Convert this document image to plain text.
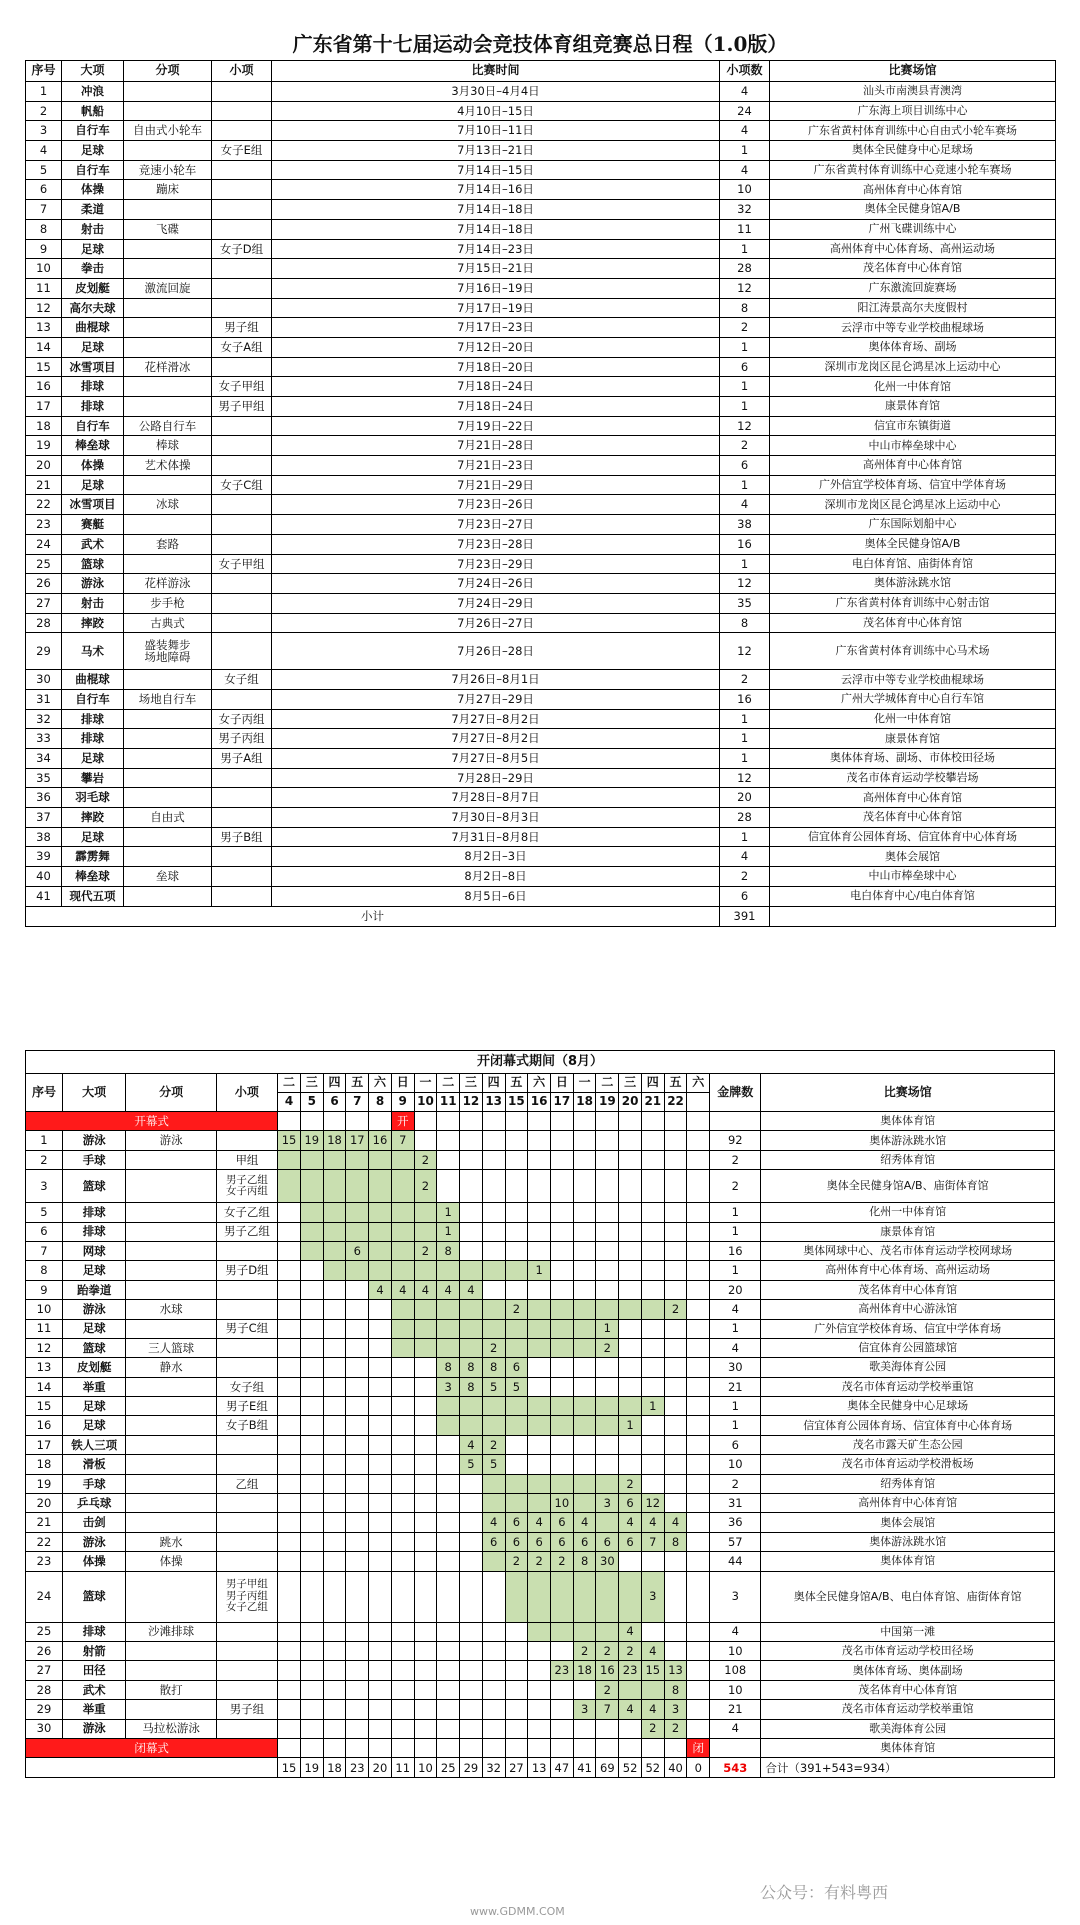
广东省第十七届运动会竞技体育组竞赛总日程（1.0版）
序号	大项	分项	小项	比赛时间	小项数	比赛场馆
1	冲浪			3月30日–4月4日	4	汕头市南澳县青澳湾
2	帆船			4月10日–15日	24	广东海上项目训练中心
3	自行车	自由式小轮车		7月10日–11日	4	广东省黄村体育训练中心自由式小轮车赛场
4	足球		女子E组	7月13日–21日	1	奥体全民健身中心足球场
5	自行车	竞速小轮车		7月14日–15日	4	广东省黄村体育训练中心竞速小轮车赛场
6	体操	蹦床		7月14日–16日	10	高州体育中心体育馆
7	柔道			7月14日–18日	32	奥体全民健身馆A/B
8	射击	飞碟		7月14日–18日	11	广州飞碟训练中心
9	足球		女子D组	7月14日–23日	1	高州体育中心体育场、高州运动场
10	拳击			7月15日–21日	28	茂名体育中心体育馆
11	皮划艇	激流回旋		7月16日–19日	12	广东激流回旋赛场
12	高尔夫球			7月17日–19日	8	阳江涛景高尔夫度假村
13	曲棍球		男子组	7月17日–23日	2	云浮市中等专业学校曲棍球场
14	足球		女子A组	7月12日–20日	1	奥体体育场、副场
15	冰雪项目	花样滑冰		7月18日–20日	6	深圳市龙岗区昆仑鸿星冰上运动中心
16	排球		女子甲组	7月18日–24日	1	化州一中体育馆
17	排球		男子甲组	7月18日–24日	1	康景体育馆
18	自行车	公路自行车		7月19日–22日	12	信宜市东镇街道
19	棒垒球	棒球		7月21日–28日	2	中山市棒垒球中心
20	体操	艺术体操		7月21日–23日	6	高州体育中心体育馆
21	足球		女子C组	7月21日–29日	1	广外信宜学校体育场、信宜中学体育场
22	冰雪项目	冰球		7月23日–26日	4	深圳市龙岗区昆仑鸿星冰上运动中心
23	赛艇			7月23日–27日	38	广东国际划船中心
24	武术	套路		7月23日–28日	16	奥体全民健身馆A/B
25	篮球		女子甲组	7月23日–29日	1	电白体育馆、庙街体育馆
26	游泳	花样游泳		7月24日–26日	12	奥体游泳跳水馆
27	射击	步手枪		7月24日–29日	35	广东省黄村体育训练中心射击馆
28	摔跤	古典式		7月26日–27日	8	茂名体育中心体育馆
29	马术	盛装舞步
场地障碍		7月26日–28日	12	广东省黄村体育训练中心马术场
30	曲棍球		女子组	7月26日–8月1日	2	云浮市中等专业学校曲棍球场
31	自行车	场地自行车		7月27日–29日	16	广州大学城体育中心自行车馆
32	排球		女子丙组	7月27日–8月2日	1	化州一中体育馆
33	排球		男子丙组	7月27日–8月2日	1	康景体育馆
34	足球		男子A组	7月27日–8月5日	1	奥体体育场、副场、市体校田径场
35	攀岩			7月28日–29日	12	茂名市体育运动学校攀岩场
36	羽毛球			7月28日–8月7日	20	高州体育中心体育馆
37	摔跤	自由式		7月30日–8月3日	28	茂名体育中心体育馆
38	足球		男子B组	7月31日–8月8日	1	信宜体育公园体育场、信宜体育中心体育场
39	霹雳舞			8月2日–3日	4	奥体会展馆
40	棒垒球	垒球		8月2日–8日	2	中山市棒垒球中心
41	现代五项			8月5日–6日	6	电白体育中心/电白体育馆
小计					391	
开闭幕式期间（8月）																								
序号	大项	分项	小项	二	三	四	五	六	日	一	二	三	四	五	六	日	一	二	三	四	五	六	金牌数	比赛场馆
				4	5	6	7	8	9	10	11	12	13	15	16	17	18	19	20	21	22			
开幕式									开															奥体体育馆
1	游泳	游泳		15	19	18	17	16	7														92	奥体游泳跳水馆
2	手球		甲组							2													2	绍秀体育馆
3	篮球		男子乙组
女子丙组							2													2	奥体全民健身馆A/B、庙街体育馆
5	排球		女子乙组								1												1	化州一中体育馆
6	排球		男子乙组								1												1	康景体育馆
7	网球						6			2	8												16	奥体网球中心、茂名市体育运动学校网球场
8	足球		男子D组												1								1	高州体育中心体育场、高州运动场
9	跆拳道							4	4	4	4	4											20	茂名体育中心体育馆
10	游泳	水球												2							2		4	高州体育中心游泳馆
11	足球		男子C组															1					1	广外信宜学校体育场、信宜中学体育场
12	篮球	三人篮球											2					2					4	信宜体育公园篮球馆
13	皮划艇	静水									8	8	8	6									30	歌美海体育公园
14	举重		女子组								3	8	5	5									21	茂名市体育运动学校举重馆
15	足球		男子E组																	1			1	奥体全民健身中心足球场
16	足球		女子B组																1				1	信宜体育公园体育场、信宜体育中心体育场
17	铁人三项											4	2										6	茂名市露天矿生态公园
18	滑板											5	5										10	茂名市体育运动学校滑板场
19	手球		乙组																2				2	绍秀体育馆
20	乒乓球															10		3	6	12			31	高州体育中心体育馆
21	击剑												4	6	4	6	4		4	4	4		36	奥体会展馆
22	游泳	跳水											6	6	6	6	6	6	6	7	8		57	奥体游泳跳水馆
23	体操	体操												2	2	2	8	30					44	奥体体育馆
24	篮球		男子甲组
男子丙组
女子乙组																	3			3	奥体全民健身馆A/B、电白体育馆、庙街体育馆
25	排球	沙滩排球																	4				4	中国第一滩
26	射箭																2	2	2	4			10	茂名市体育运动学校田径场
27	田径															23	18	16	23	15	13		108	奥体体育场、奥体副场
28	武术	散打																2			8		10	茂名体育中心体育馆
29	举重		男子组														3	7	4	4	3		21	茂名市体育运动学校举重馆
30	游泳	马拉松游泳																		2	2		4	歌美海体育公园
闭幕式																						闭		奥体体育馆
				15	19	18	23	20	11	10	25	29	32	27	13	47	41	69	52	52	40	0	543	合计（391+543=934）
公众号：有料粤西
www.GDMM.COM
